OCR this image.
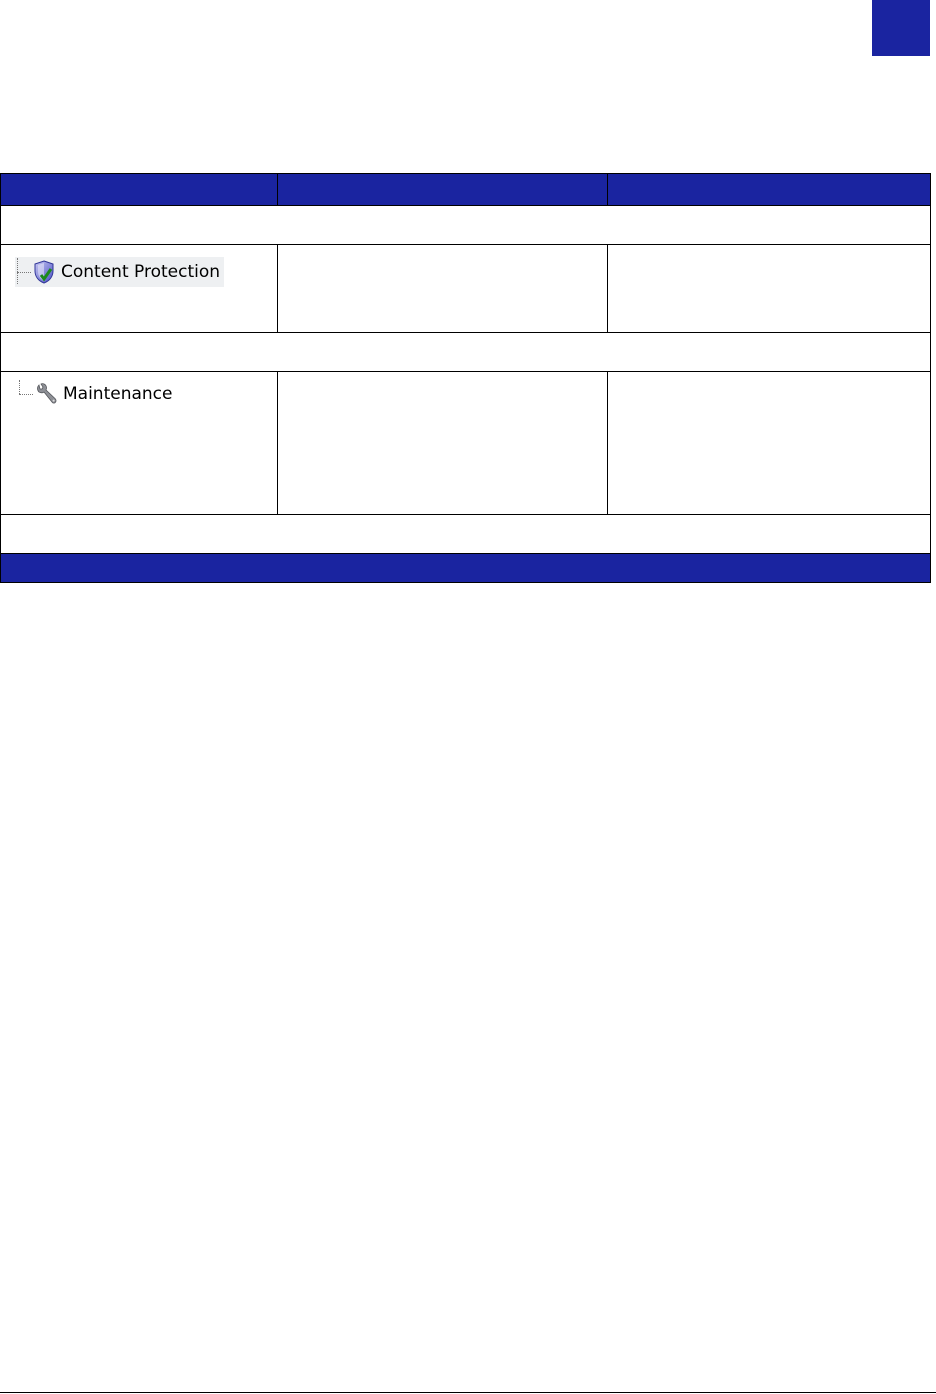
Content Protection		

Maintenance		
